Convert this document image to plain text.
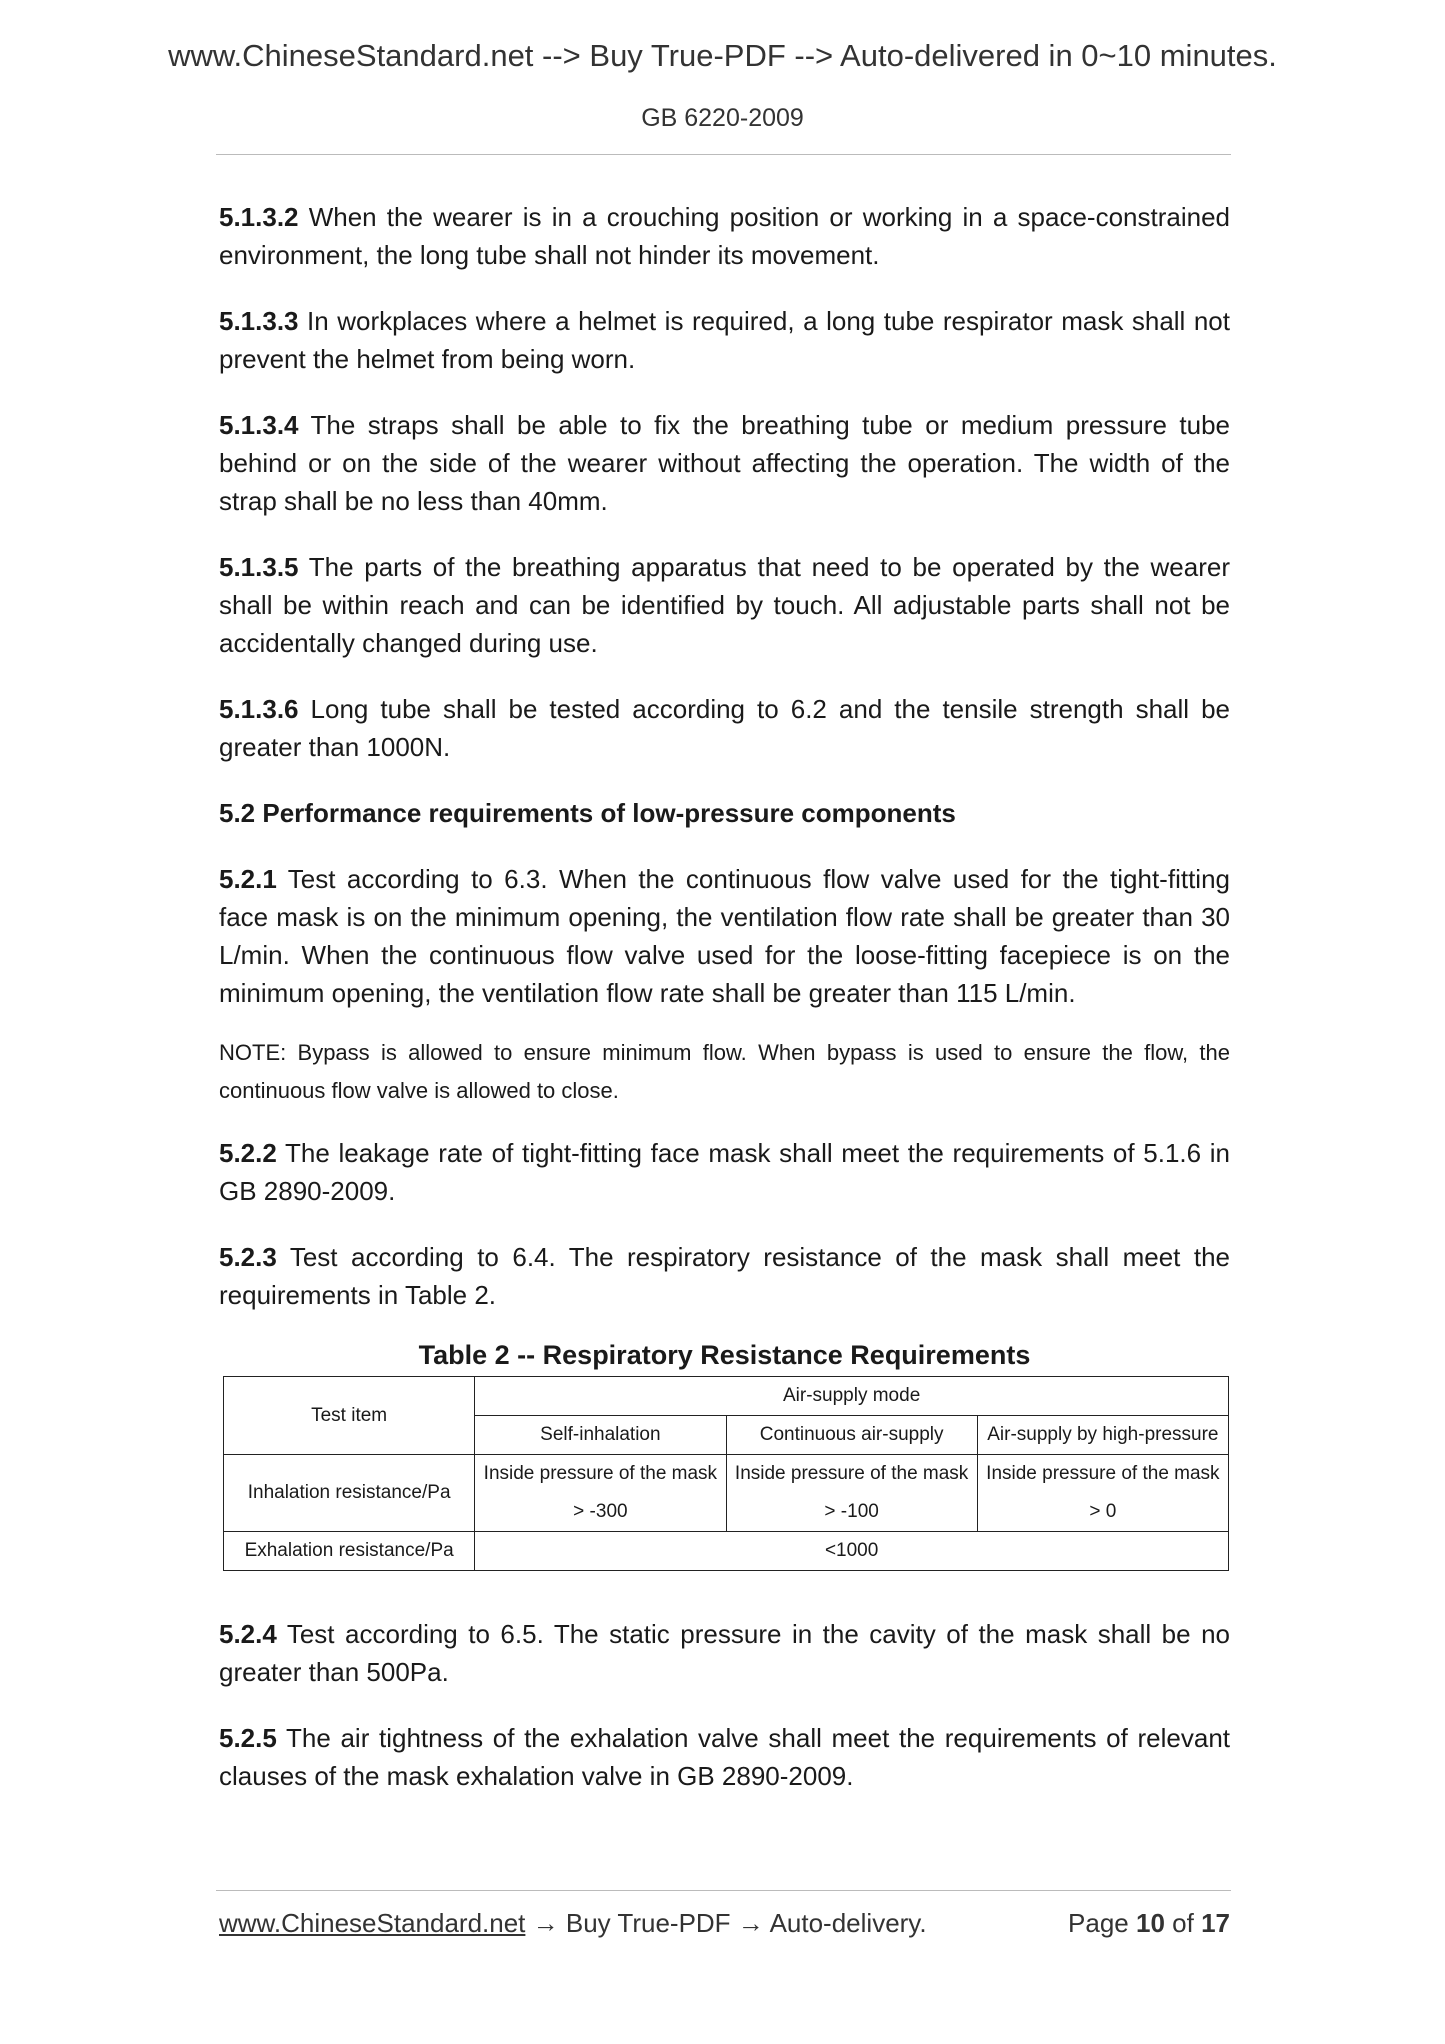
www.ChineseStandard.net --> Buy True-PDF --> Auto-delivered in 0~10 minutes.
GB 6220-2009

5.1.3.2 When the wearer is in a crouching position or working in a space-constrained environment, the long tube shall not hinder its movement.

5.1.3.3 In workplaces where a helmet is required, a long tube respirator mask shall not prevent the helmet from being worn.

5.1.3.4 The straps shall be able to fix the breathing tube or medium pressure tube behind or on the side of the wearer without affecting the operation. The width of the strap shall be no less than 40mm.

5.1.3.5 The parts of the breathing apparatus that need to be operated by the wearer shall be within reach and can be identified by touch. All adjustable parts shall not be accidentally changed during use.

5.1.3.6 Long tube shall be tested according to 6.2 and the tensile strength shall be greater than 1000N.

5.2 Performance requirements of low-pressure components

5.2.1 Test according to 6.3. When the continuous flow valve used for the tight-fitting face mask is on the minimum opening, the ventilation flow rate shall be greater than 30 L/min. When the continuous flow valve used for the loose-fitting facepiece is on the minimum opening, the ventilation flow rate shall be greater than 115 L/min.

NOTE: Bypass is allowed to ensure minimum flow. When bypass is used to ensure the flow, the continuous flow valve is allowed to close.

5.2.2 The leakage rate of tight-fitting face mask shall meet the requirements of 5.1.6 in GB 2890-2009.

5.2.3 Test according to 6.4. The respiratory resistance of the mask shall meet the requirements in Table 2.

Table 2 -- Respiratory Resistance Requirements
Test item	Air-supply mode		
	Self-inhalation	Continuous air-supply	Air-supply by high-pressure
Inhalation resistance/Pa	Inside pressure of the mask > -300	Inside pressure of the mask > -100	Inside pressure of the mask > 0
Exhalation resistance/Pa	<1000		

5.2.4 Test according to 6.5. The static pressure in the cavity of the mask shall be no greater than 500Pa.

5.2.5 The air tightness of the exhalation valve shall meet the requirements of relevant clauses of the mask exhalation valve in GB 2890-2009.

www.ChineseStandard.net → Buy True-PDF → Auto-delivery.	Page 10 of 17
